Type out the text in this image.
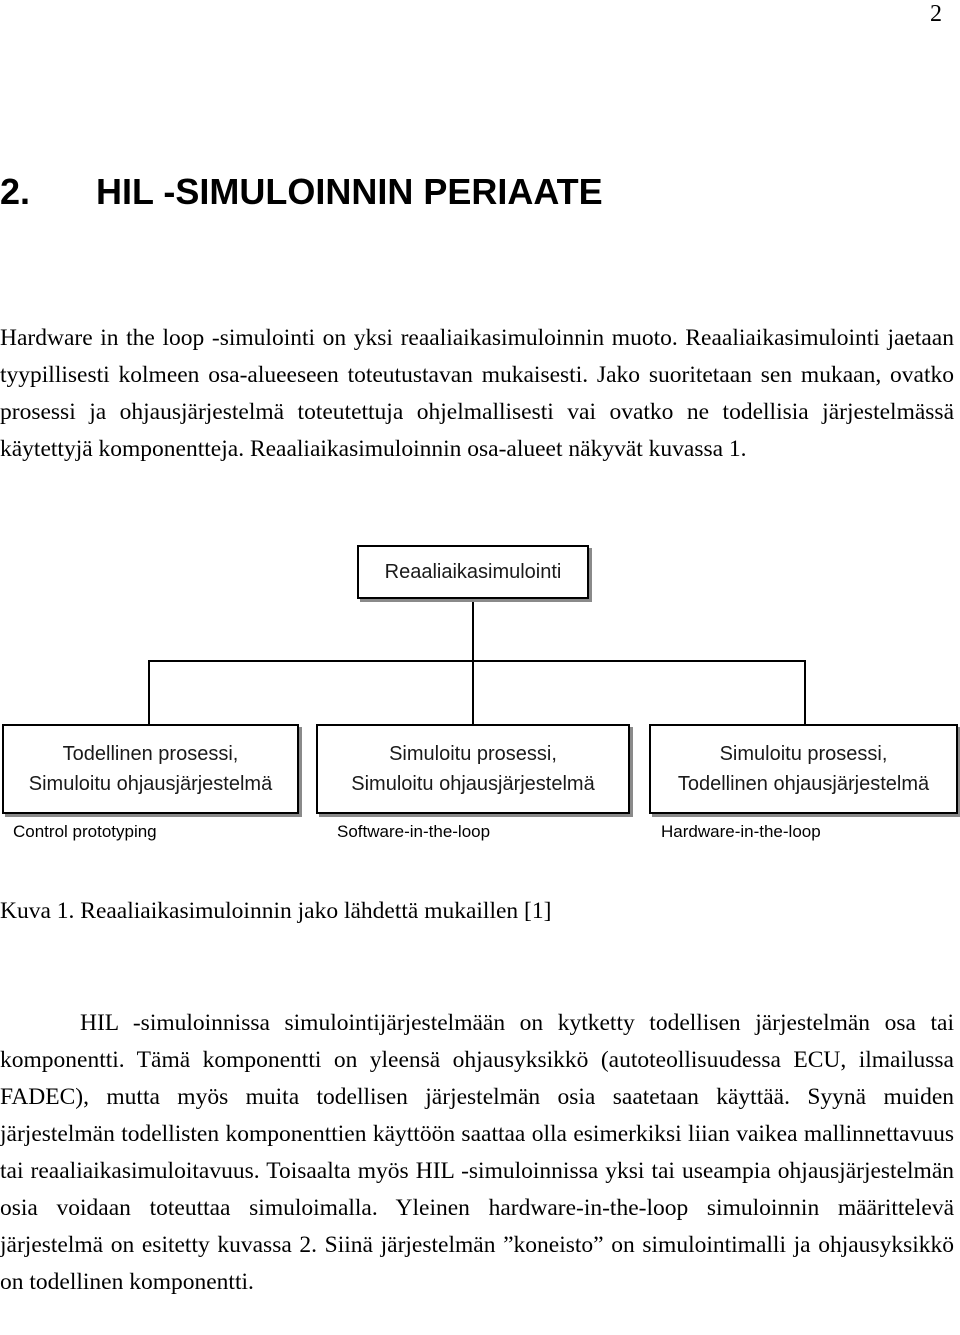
2
2. HIL -SIMULOINNIN PERIAATE

Hardware in the loop -simulointi on yksi reaaliaikasimuloinnin muoto. Reaaliaikasimulointi jaetaan tyypillisesti kolmeen osa-alueeseen toteutustavan mukaisesti. Jako suoritetaan sen mukaan, ovatko prosessi ja ohjausjärjestelmä toteutettuja ohjelmallisesti vai ovatko ne todellisia järjestelmässä käytettyjä komponentteja. Reaaliaikasimuloinnin osa-alueet näkyvät kuvassa 1.

Reaaliaikasimulointi
Todellinen prosessi,
Simuloitu ohjausjärjestelmä
Simuloitu prosessi,
Simuloitu ohjausjärjestelmä
Simuloitu prosessi,
Todellinen ohjausjärjestelmä
Control prototyping	Software-in-the-loop	Hardware-in-the-loop

Kuva 1. Reaaliaikasimuloinnin jako lähdettä mukaillen [1]

HIL -simuloinnissa simulointijärjestelmään on kytketty todellisen järjestelmän osa tai komponentti. Tämä komponentti on yleensä ohjausyksikkö (autoteollisuudessa ECU, ilmailussa FADEC), mutta myös muita todellisen järjestelmän osia saatetaan käyttää. Syynä muiden järjestelmän todellisten komponenttien käyttöön saattaa olla esimerkiksi liian vaikea mallinnettavuus tai reaaliaikasimuloitavuus. Toisaalta myös HIL -simuloinnissa yksi tai useampia ohjausjärjestelmän osia voidaan toteuttaa simuloimalla. Yleinen hardware-in-the-loop simuloinnin määrittelevä järjestelmä on esitetty kuvassa 2. Siinä järjestelmän ”koneisto” on simulointimalli ja ohjausyksikkö on todellinen komponentti.
